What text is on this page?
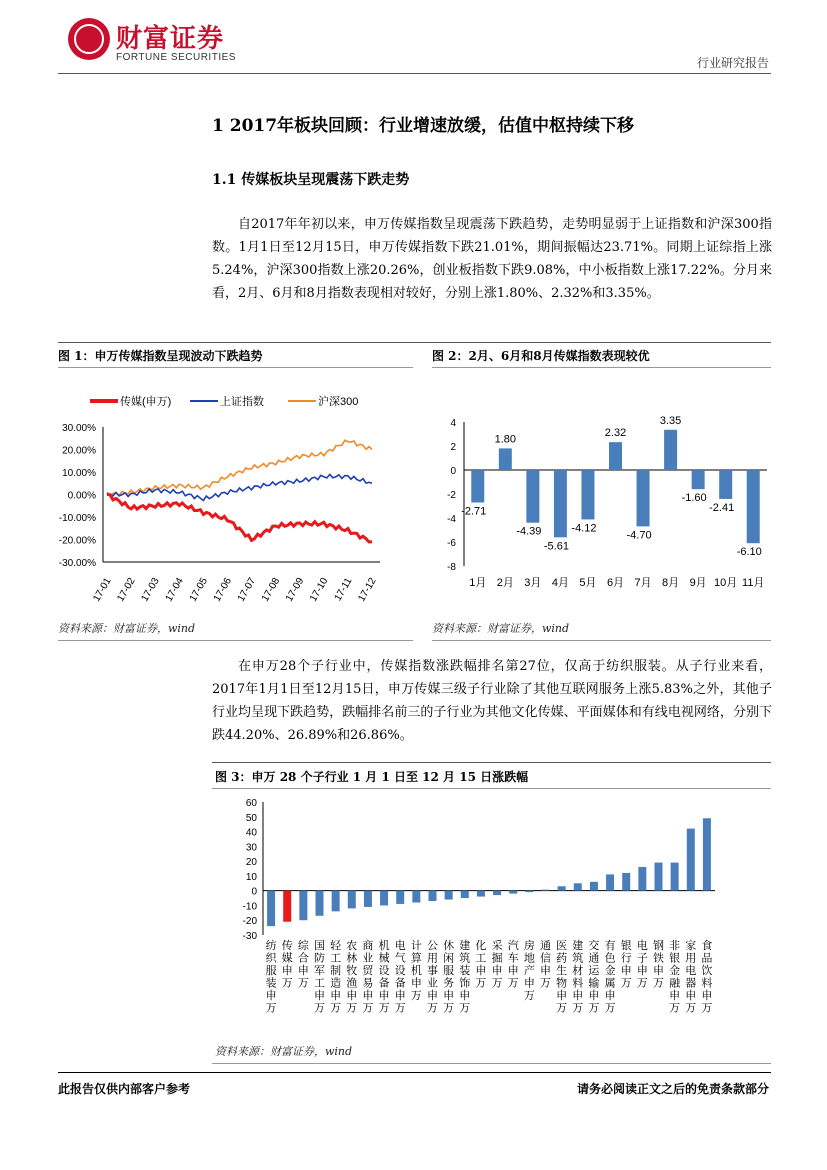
财富证券
FORTUNE SECURITIES	行业研究报告
1 2017年板块回顾：行业增速放缓，估值中枢持续下移
1.1 传媒板块呈现震荡下跌走势

自2017年年初以来，申万传媒指数呈现震荡下跌趋势，走势明显弱于上证指数和沪深300指数。1月1日至12月15日，申万传媒指数下跌21.01%，期间振幅达23.71%。同期上证综指上涨5.24%，沪深300指数上涨20.26%，创业板指数下跌9.08%，中小板指数上涨17.22%。分月来看，2月、6月和8月指数表现相对较好，分别上涨1.80%、2.32%和3.35%。

图 1：申万传媒指数呈现波动下跌趋势	图 2：2月、6月和8月传媒指数表现较优
传媒(申万)	上证指数	沪深300
30.00%
20.00%
10.00%
0.00%
-10.00%
-20.00%
-30.00%
17-01 17-02 17-03 17-04 17-05 17-06 17-07 17-08 17-09 17-10 17-11 17-12
4
2
0
-2
-4
-6
-8
-2.71
1月
1.80
2月
-4.39
3月
-5.61
4月
-4.12
5月
2.32
6月
-4.70
7月
3.35
8月
-1.60
9月
-2.41
10月
-6.10
11月
资料来源：财富证券，wind	资料来源：财富证券，wind

在申万28个子行业中，传媒指数涨跌幅排名第27位，仅高于纺织服装。从子行业来看，2017年1月1日至12月15日，申万传媒三级子行业除了其他互联网服务上涨5.83%之外，其他子行业均呈现下跌趋势，跌幅排名前三的子行业为其他文化传媒、平面媒体和有线电视网络，分别下跌44.20%、26.89%和26.86%。

图 3：申万 28 个子行业 1 月 1 日至 12 月 15 日涨跌幅
60
50
40
30
20
10
0
-10
-20
-30
纺织服装申万
传媒申万
综合申万
国防军工申万
轻工制造申万
农林牧渔申万
商业贸易申万
机械设备申万
电气设备申万
计算机申万
公用事业申万
休闲服务申万
建筑装饰申万
化工申万
采掘申万
汽车申万
房地产申万
通信申万
医药生物申万
建筑材料申万
交通运输申万
有色金属申万
银行申万
电子申万
钢铁申万
非银金融申万
家用电器申万
食品饮料申万
资料来源：财富证券，wind
此报告仅供内部客户参考	请务必阅读正文之后的免责条款部分
